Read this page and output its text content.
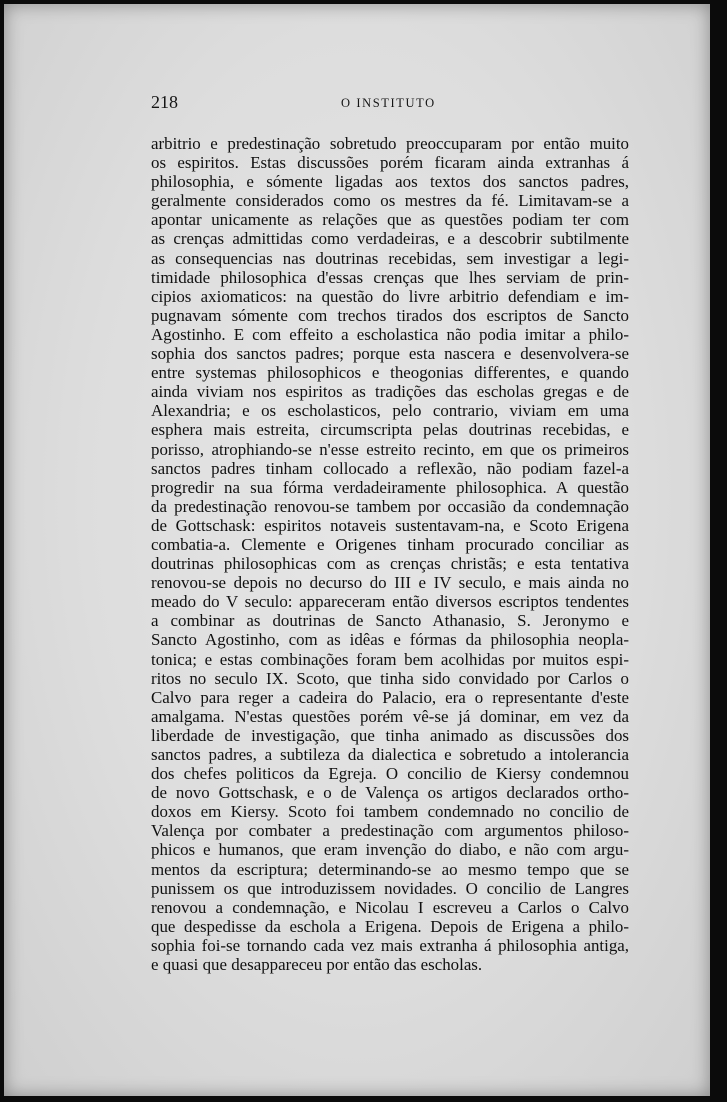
218	O INSTITUTO
arbitrio e predestinação sobretudo preoccuparam por então muito
os espiritos. Estas discussões porém ficaram ainda extranhas á
philosophia, e sómente ligadas aos textos dos sanctos padres,
geralmente considerados como os mestres da fé. Limitavam-se a
apontar unicamente as relações que as questões podiam ter com
as crenças admittidas como verdadeiras, e a descobrir subtilmente
as consequencias nas doutrinas recebidas, sem investigar a legi-
timidade philosophica d'essas crenças que lhes serviam de prin-
cipios axiomaticos: na questão do livre arbitrio defendiam e im-
pugnavam sómente com trechos tirados dos escriptos de Sancto
Agostinho. E com effeito a escholastica não podia imitar a philo-
sophia dos sanctos padres; porque esta nascera e desenvolvera-se
entre systemas philosophicos e theogonias differentes, e quando
ainda viviam nos espiritos as tradições das escholas gregas e de
Alexandria; e os escholasticos, pelo contrario, viviam em uma
esphera mais estreita, circumscripta pelas doutrinas recebidas, e
porisso, atrophiando-se n'esse estreito recinto, em que os primeiros
sanctos padres tinham collocado a reflexão, não podiam fazel-a
progredir na sua fórma verdadeiramente philosophica. A questão
da predestinação renovou-se tambem por occasião da condemnação
de Gottschask: espiritos notaveis sustentavam-na, e Scoto Erigena
combatia-a. Clemente e Origenes tinham procurado conciliar as
doutrinas philosophicas com as crenças christãs; e esta tentativa
renovou-se depois no decurso do III e IV seculo, e mais ainda no
meado do V seculo: appareceram então diversos escriptos tendentes
a combinar as doutrinas de Sancto Athanasio, S. Jeronymo e
Sancto Agostinho, com as idêas e fórmas da philosophia neopla-
tonica; e estas combinações foram bem acolhidas por muitos espi-
ritos no seculo IX. Scoto, que tinha sido convidado por Carlos o
Calvo para reger a cadeira do Palacio, era o representante d'este
amalgama. N'estas questões porém vê-se já dominar, em vez da
liberdade de investigação, que tinha animado as discussões dos
sanctos padres, a subtileza da dialectica e sobretudo a intolerancia
dos chefes politicos da Egreja. O concilio de Kiersy condemnou
de novo Gottschask, e o de Valença os artigos declarados ortho-
doxos em Kiersy. Scoto foi tambem condemnado no concilio de
Valença por combater a predestinação com argumentos philoso-
phicos e humanos, que eram invenção do diabo, e não com argu-
mentos da escriptura; determinando-se ao mesmo tempo que se
punissem os que introduzissem novidades. O concilio de Langres
renovou a condemnação, e Nicolau I escreveu a Carlos o Calvo
que despedisse da eschola a Erigena. Depois de Erigena a philo-
sophia foi-se tornando cada vez mais extranha á philosophia antiga,
e quasi que desappareceu por então das escholas.
